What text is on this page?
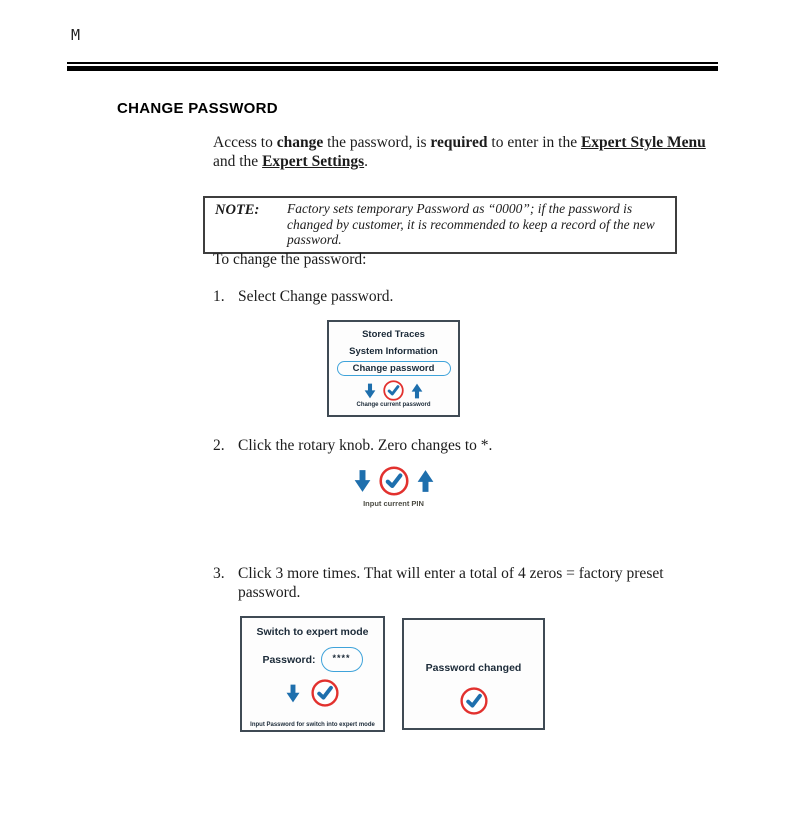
M
CHANGE PASSWORD

Access to change the password, is required to enter in the Expert Style Menu and the Expert Settings.

NOTE:	Factory sets temporary Password as “0000”; if the password is changed by customer, it is recommended to keep a record of the new password.

To change the password:

1. Select Change password.
Stored Traces
System Information
Change password
Change current password
2. Click the rotary knob. Zero changes to *.
Input current PIN
3. Click 3 more times. That will enter a total of 4 zeros = factory preset password.
Switch to expert mode
Password:	****
Input Password for switch into expert mode
Password changed
